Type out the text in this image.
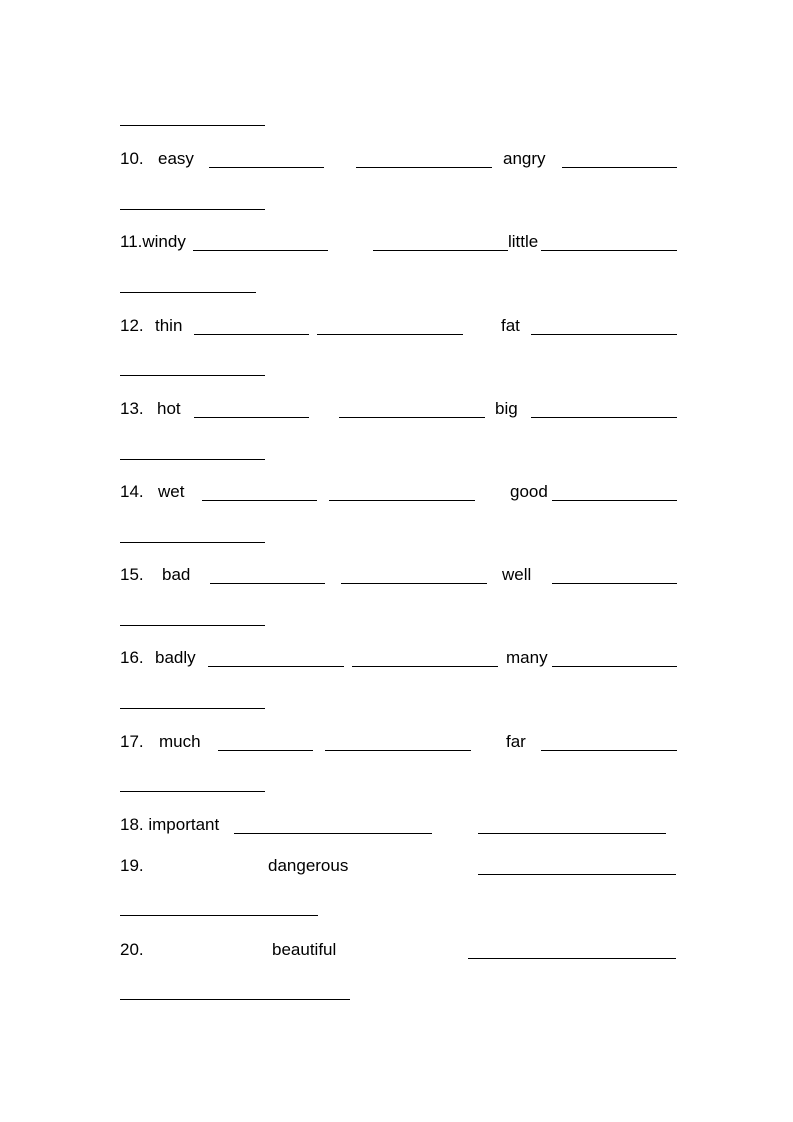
10. easy	angry
11.windy	little
12. thin	fat
13. hot	big
14. wet	good
15. bad	well
16. badly	many
17. much	far
18. important
19.	dangerous
20.	beautiful
